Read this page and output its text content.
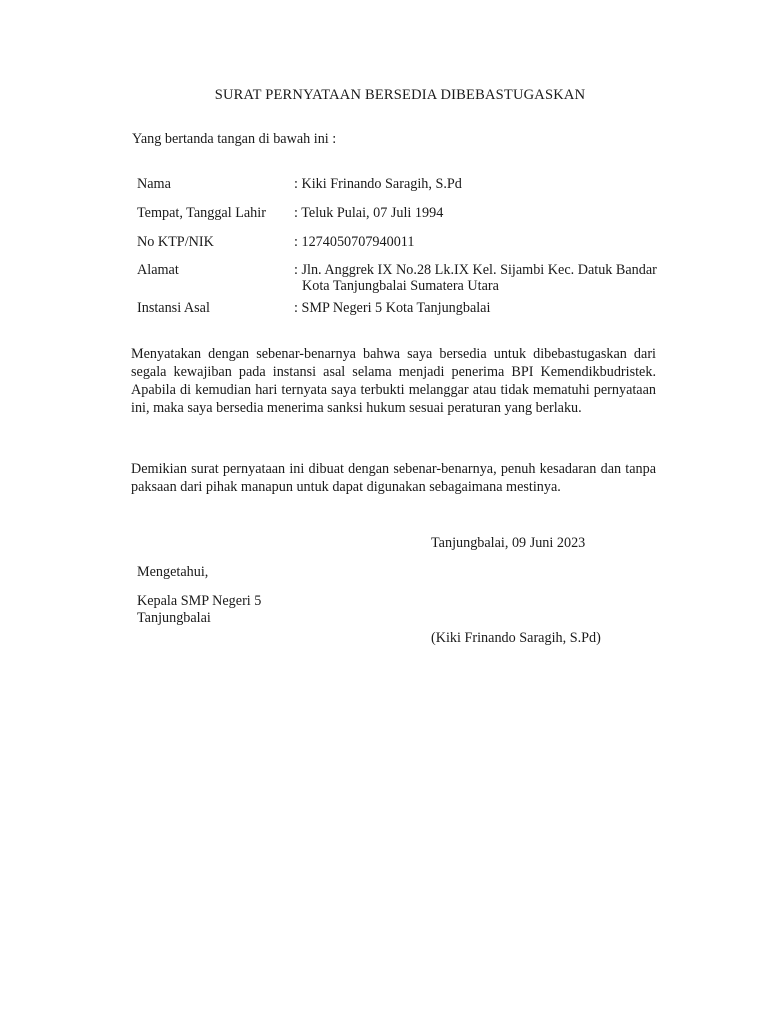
SURAT PERNYATAAN BERSEDIA DIBEBASTUGASKAN
Yang bertanda tangan di bawah ini :
Nama	: Kiki Frinando Saragih, S.Pd
Tempat, Tanggal Lahir : Teluk Pulai, 07 Juli 1994
No KTP/NIK	: 1274050707940011
Alamat	: Jln. Anggrek IX No.28 Lk.IX Kel. Sijambi Kec. Datuk Bandar Kota Tanjungbalai Sumatera Utara
Instansi Asal	: SMP Negeri 5 Kota Tanjungbalai
Menyatakan dengan sebenar-benarnya bahwa saya bersedia untuk dibebastugaskan dari segala kewajiban pada instansi asal selama menjadi penerima BPI Kemendikbudristek. Apabila di kemudian hari ternyata saya terbukti melanggar atau tidak mematuhi pernyataan ini, maka saya bersedia menerima sanksi hukum sesuai peraturan yang berlaku.
Demikian surat pernyataan ini dibuat dengan sebenar-benarnya, penuh kesadaran dan tanpa paksaan dari pihak manapun untuk dapat digunakan sebagaimana mestinya.
Tanjungbalai, 09 Juni 2023
Mengetahui,
Kepala SMP Negeri 5 Tanjungbalai
(Kiki Frinando Saragih, S.Pd)
